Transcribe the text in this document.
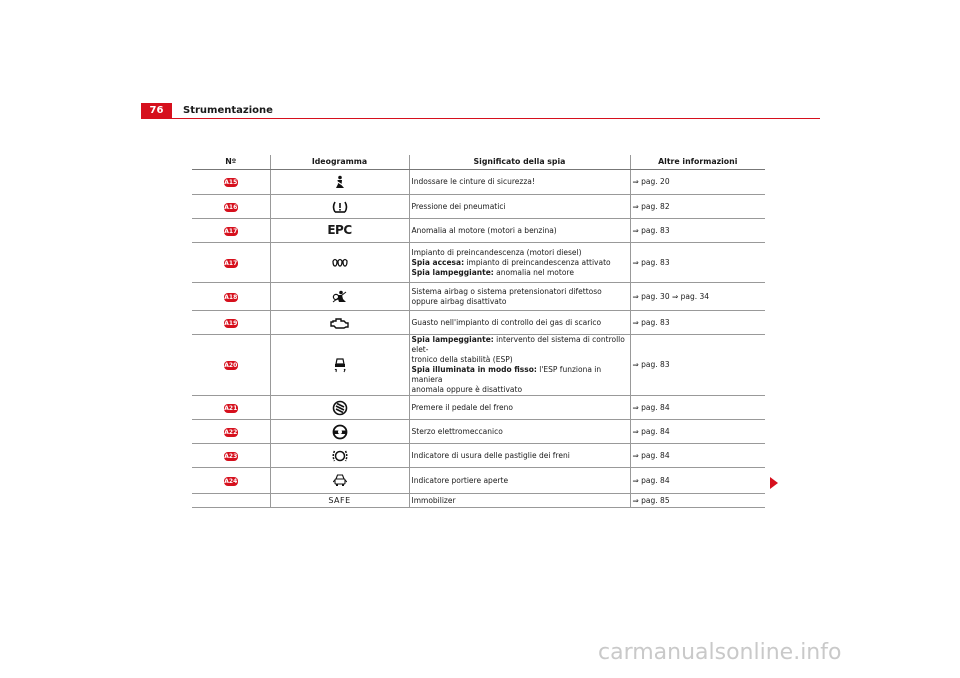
76	Strumentazione
Nº	Ideogramma	Significato della spia	Altre informazioni
A15		Indossare le cinture di sicurezza!	⇒ pag. 20
A16		Pressione dei pneumatici	⇒ pag. 82
A17	EPC	Anomalia al motore (motori a benzina)	⇒ pag. 83
A17		Impianto di preincandescenza (motori diesel)
Spia accesa: impianto di preincandescenza attivato
Spia lampeggiante: anomalia nel motore	⇒ pag. 83
A18		Sistema airbag o sistema pretensionatori difettoso oppure airbag disattivato	⇒ pag. 30 ⇒ pag. 34
A19		Guasto nell'impianto di controllo dei gas di scarico	⇒ pag. 83
A20		Spia lampeggiante: intervento del sistema di controllo elet-
tronico della stabilità (ESP)
Spia illuminata in modo fisso: l'ESP funziona in maniera
anomala oppure è disattivato	⇒ pag. 83
A21		Premere il pedale del freno	⇒ pag. 84
A22		Sterzo elettromeccanico	⇒ pag. 84
A23		Indicatore di usura delle pastiglie dei freni	⇒ pag. 84
A24		Indicatore portiere aperte	⇒ pag. 84
	SAFE	Immobilizer	⇒ pag. 85
carmanualsonline.info
